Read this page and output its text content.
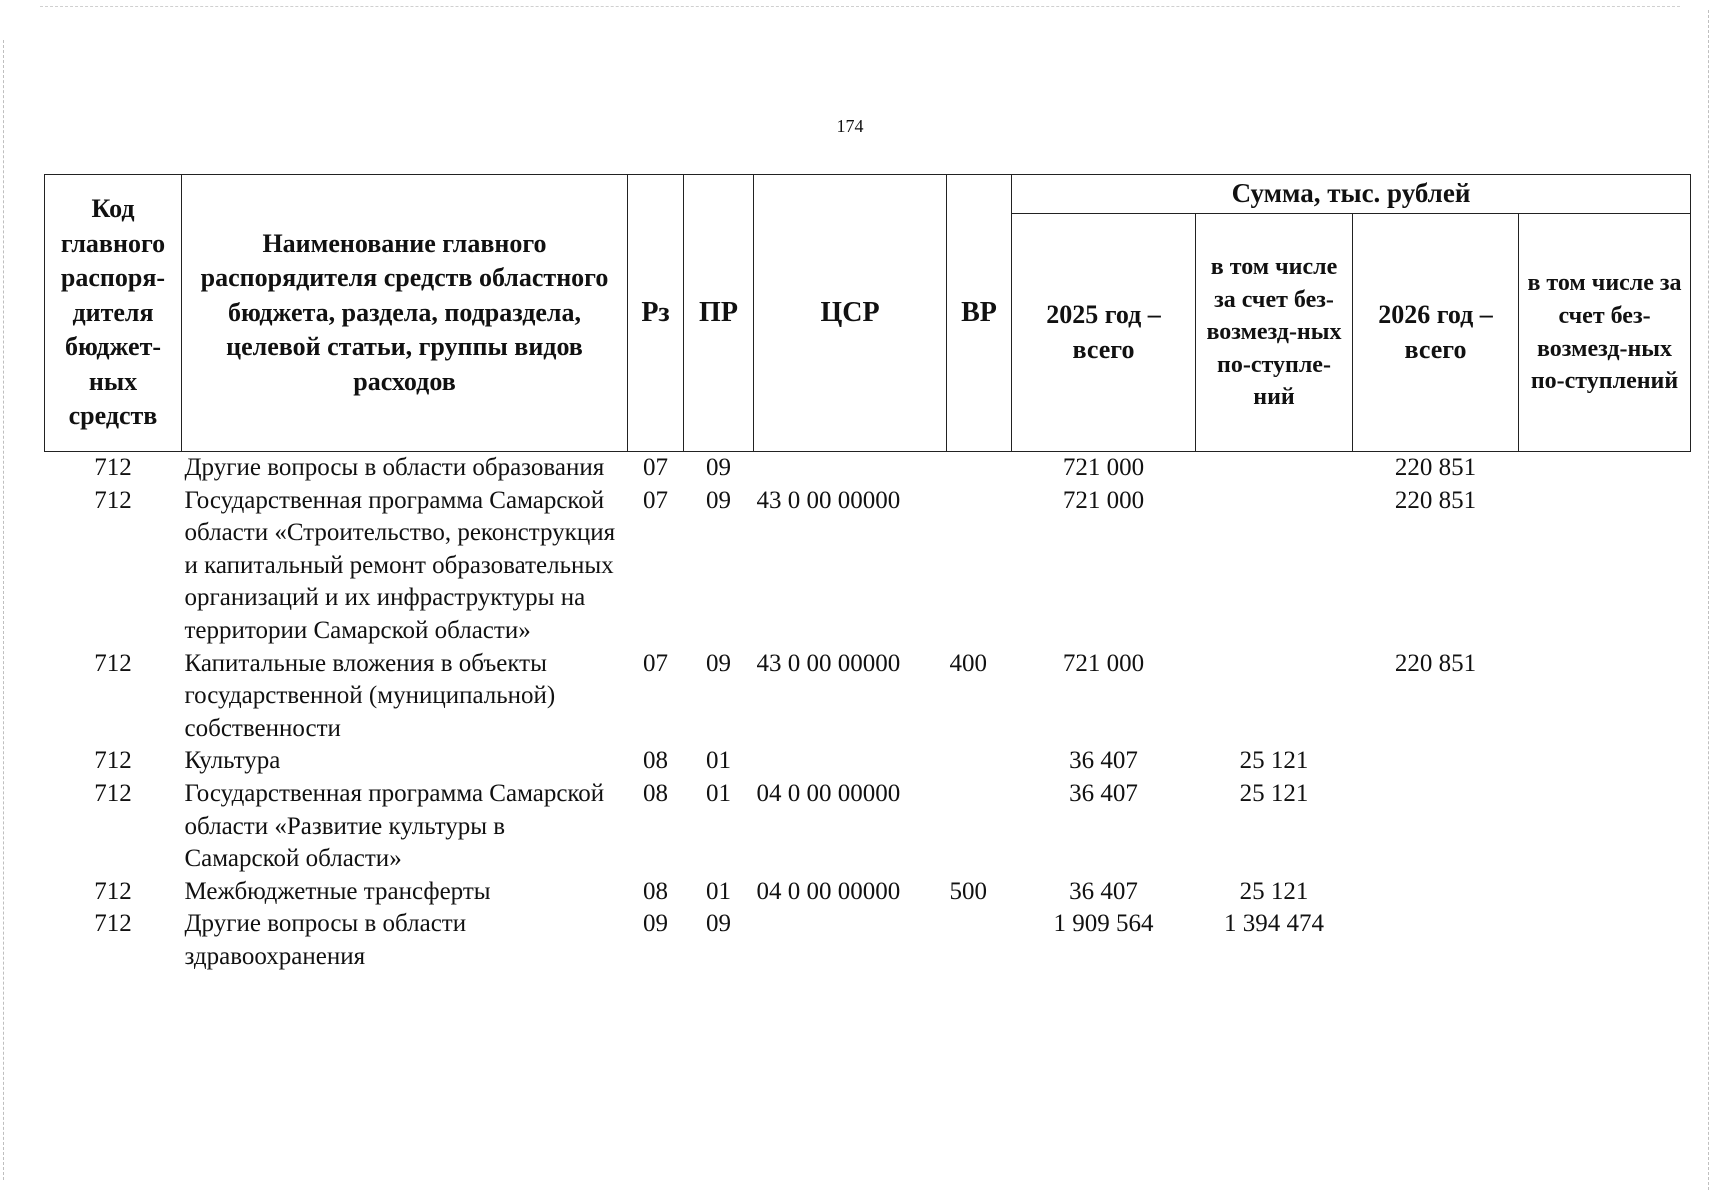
174
Код главного распоря-дителя бюджет-ных средств	Наименование главного распорядителя средств областного бюджета, раздела, подраздела, целевой статьи, группы видов расходов	Рз	ПР	ЦСР	ВР	Сумма, тыс. рублей			
						2025 год – всего	в том числе за счет без-возмезд-ных по-ступле-ний	2026 год – всего	в том числе за счет без-возмезд-ных по-ступлений
712	Другие вопросы в области образования	07	09			721 000		220 851	
712	Государственная программа Самарской области «Строительство, реконструкция и капитальный ремонт образовательных организаций и их инфраструктуры на территории Самарской области»	07	09	43 0 00 00000		721 000		220 851	
712	Капитальные вложения в объекты государственной (муниципальной) собственности	07	09	43 0 00 00000	400	721 000		220 851	
712	Культура	08	01			36 407	25 121		
712	Государственная программа Самарской области «Развитие культуры в Самарской области»	08	01	04 0 00 00000		36 407	25 121		
712	Межбюджетные трансферты	08	01	04 0 00 00000	500	36 407	25 121		
712	Другие вопросы в области здравоохранения	09	09			1 909 564	1 394 474		
